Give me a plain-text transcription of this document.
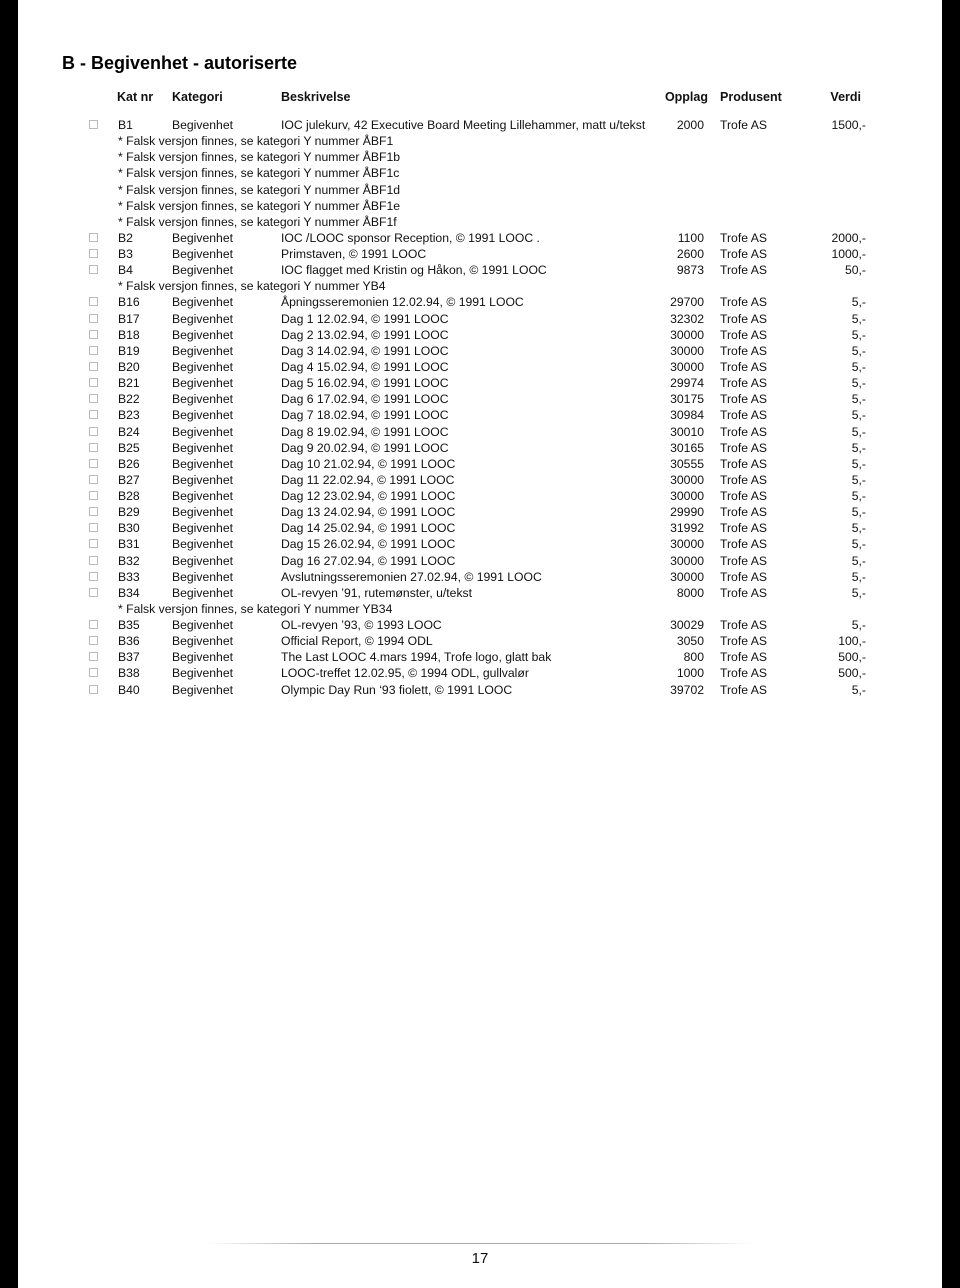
B - Begivenhet - autoriserte
Kat nr Kategori	Beskrivelse	Opplag Produsent	Verdi
B1	Begivenhet	IOC julekurv, 42 Executive Board Meeting Lillehammer, matt u/tekst	2000 Trofe AS	1500,-
* Falsk versjon finnes, se kategori Y nummer ÅBF1
* Falsk versjon finnes, se kategori Y nummer ÅBF1b
* Falsk versjon finnes, se kategori Y nummer ÅBF1c
* Falsk versjon finnes, se kategori Y nummer ÅBF1d
* Falsk versjon finnes, se kategori Y nummer ÅBF1e
* Falsk versjon finnes, se kategori Y nummer ÅBF1f
B2	Begivenhet	IOC /LOOC sponsor Reception, © 1991 LOOC .	1100 Trofe AS	2000,-
B3	Begivenhet	Primstaven, © 1991 LOOC	2600 Trofe AS	1000,-
B4	Begivenhet	IOC flagget med Kristin og Håkon, © 1991 LOOC	9873 Trofe AS	50,-
* Falsk versjon finnes, se kategori Y nummer YB4
B16	Begivenhet	Åpningsseremonien 12.02.94, © 1991 LOOC	29700 Trofe AS	5,-
B17	Begivenhet	Dag 1 12.02.94, © 1991 LOOC	32302 Trofe AS	5,-
B18	Begivenhet	Dag 2 13.02.94, © 1991 LOOC	30000 Trofe AS	5,-
B19	Begivenhet	Dag 3 14.02.94, © 1991 LOOC	30000 Trofe AS	5,-
B20	Begivenhet	Dag 4 15.02.94, © 1991 LOOC	30000 Trofe AS	5,-
B21	Begivenhet	Dag 5 16.02.94, © 1991 LOOC	29974 Trofe AS	5,-
B22	Begivenhet	Dag 6 17.02.94, © 1991 LOOC	30175 Trofe AS	5,-
B23	Begivenhet	Dag 7 18.02.94, © 1991 LOOC	30984 Trofe AS	5,-
B24	Begivenhet	Dag 8 19.02.94, © 1991 LOOC	30010 Trofe AS	5,-
B25	Begivenhet	Dag 9 20.02.94, © 1991 LOOC	30165 Trofe AS	5,-
B26	Begivenhet	Dag 10 21.02.94, © 1991 LOOC	30555 Trofe AS	5,-
B27	Begivenhet	Dag 11 22.02.94, © 1991 LOOC	30000 Trofe AS	5,-
B28	Begivenhet	Dag 12 23.02.94, © 1991 LOOC	30000 Trofe AS	5,-
B29	Begivenhet	Dag 13 24.02.94, © 1991 LOOC	29990 Trofe AS	5,-
B30	Begivenhet	Dag 14 25.02.94, © 1991 LOOC	31992 Trofe AS	5,-
B31	Begivenhet	Dag 15 26.02.94, © 1991 LOOC	30000 Trofe AS	5,-
B32	Begivenhet	Dag 16 27.02.94, © 1991 LOOC	30000 Trofe AS	5,-
B33	Begivenhet	Avslutningsseremonien 27.02.94, © 1991 LOOC	30000 Trofe AS	5,-
B34	Begivenhet	OL-revyen ’91, rutemønster, u/tekst	8000 Trofe AS	5,-
* Falsk versjon finnes, se kategori Y nummer YB34
B35	Begivenhet	OL-revyen ’93, © 1993 LOOC	30029 Trofe AS	5,-
B36	Begivenhet	Official Report, © 1994 ODL	3050 Trofe AS	100,-
B37	Begivenhet	The Last LOOC 4.mars 1994, Trofe logo, glatt bak	800 Trofe AS	500,-
B38	Begivenhet	LOOC-treffet 12.02.95, © 1994 ODL, gullvalør	1000 Trofe AS	500,-
B40	Begivenhet	Olympic Day Run ‘93 fiolett, © 1991 LOOC	39702 Trofe AS	5,-
17
